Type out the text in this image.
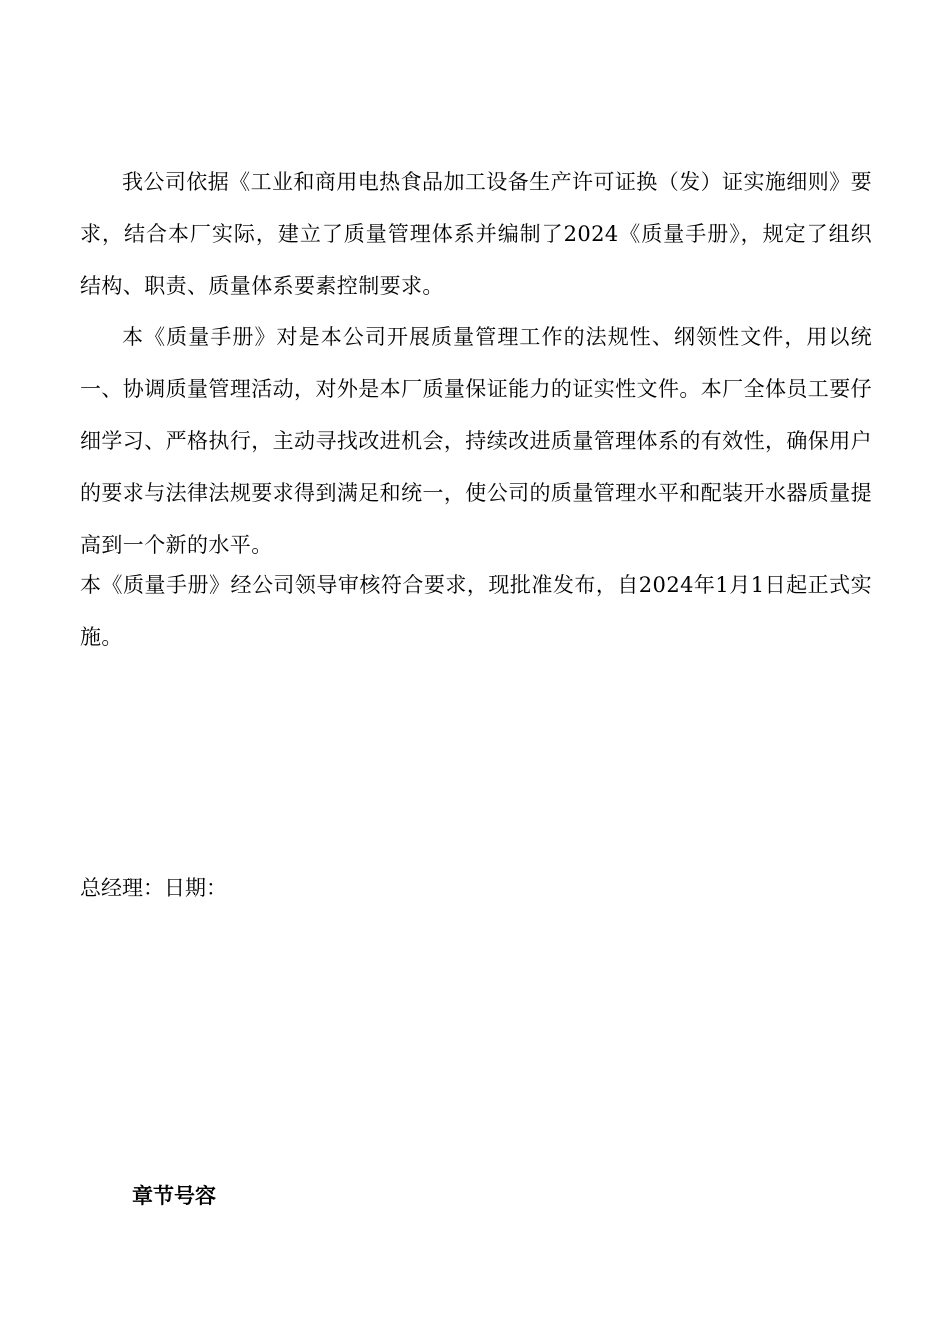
我公司依据《工业和商用电热食品加工设备生产许可证换（发）证实施细则》要求，结合本厂实际，建立了质量管理体系并编制了2024《质量手册》，规定了组织结构、职责、质量体系要素控制要求。

本《质量手册》对是本公司开展质量管理工作的法规性、纲领性文件，用以统一、协调质量管理活动，对外是本厂质量保证能力的证实性文件。本厂全体员工要仔细学习、严格执行，主动寻找改进机会，持续改进质量管理体系的有效性，确保用户的要求与法律法规要求得到满足和统一，使公司的质量管理水平和配装开水器质量提高到一个新的水平。

本《质量手册》经公司领导审核符合要求，现批准发布，自2024年1月1日起正式实施。

总经理：日期：

章节号容
